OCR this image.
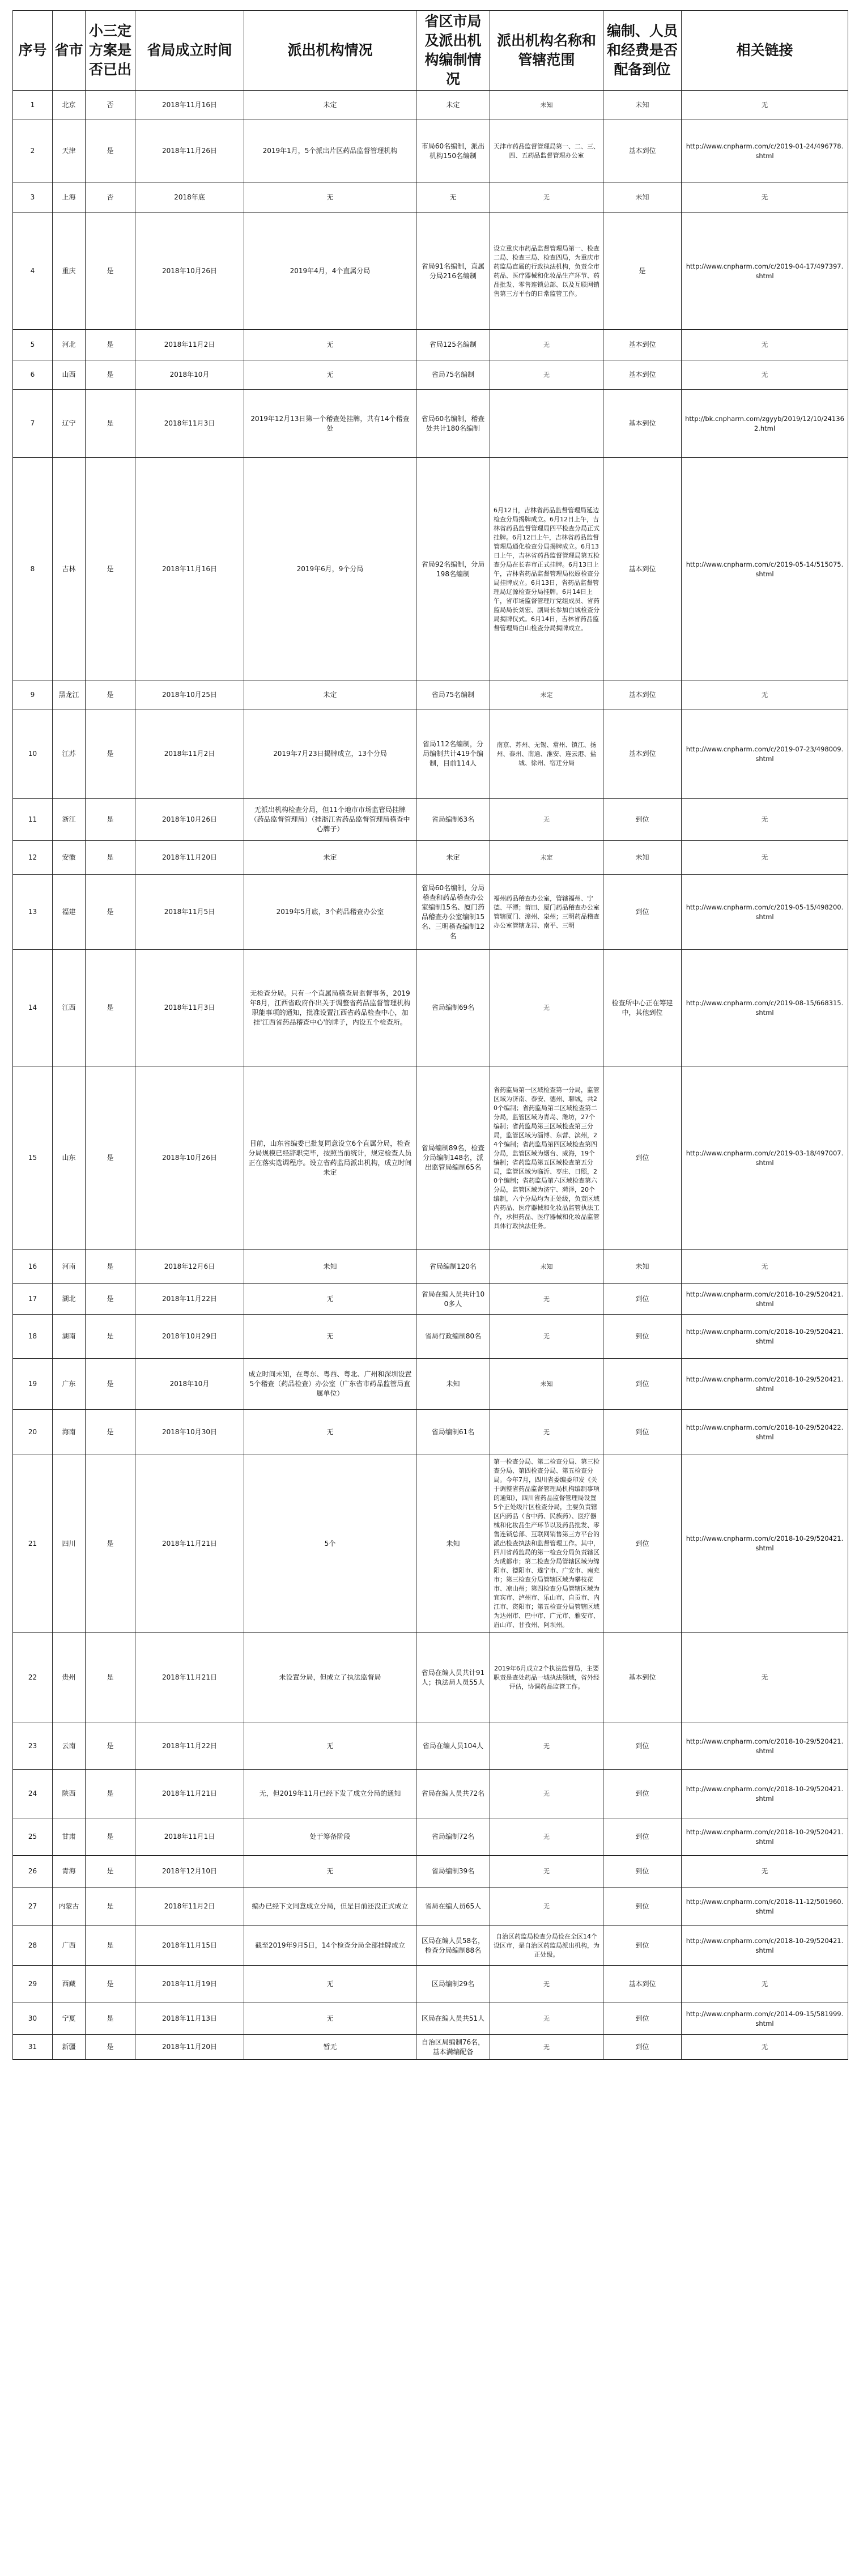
序号	省市	小三定方案是否已出	省局成立时间	派出机构情况	省区市局及派出机构编制情况	派出机构名称和管辖范围	编制、人员和经费是否配备到位	相关链接
1	北京	否	2018年11月16日	未定	未定	未知	未知	无
2	天津	是	2018年11月26日	2019年1月，5个派出片区药品监督管理机构	市局60名编制，派出机构150名编制	天津市药品监督管理局第一、二、三、四、五药品监督管理办公室	基本到位	http://www.cnpharm.com/c/2019-01-24/496778.shtml
3	上海	否	2018年底	无	无	无	未知	无
4	重庆	是	2018年10月26日	2019年4月，4个直属分局	省局91名编制，直属分局216名编制	设立重庆市药品监督管理局第一、检查二局、检查三局、检查四局，为重庆市药监局直属的行政执法机构，负责全市药品、医疗器械和化妆品生产环节、药品批发、零售连锁总部、以及互联网销售第三方平台的日常监管工作。	是	http://www.cnpharm.com/c/2019-04-17/497397.shtml
5	河北	是	2018年11月2日	无	省局125名编制	无	基本到位	无
6	山西	是	2018年10月	无	省局75名编制	无	基本到位	无
7	辽宁	是	2018年11月3日	2019年12月13日第一个稽查处挂牌，共有14个稽查处	省局60名编制，稽查处共计180名编制		基本到位	http://bk.cnpharm.com/zgyyb/2019/12/10/241362.html
8	吉林	是	2018年11月16日	2019年6月，9个分局	省局92名编制，分局198名编制	6月12日，吉林省药品监督管理局延边检查分局揭牌成立。6月12日上午，吉林省药品监督管理局四平检查分局正式挂牌。6月12日上午，吉林省药品监督管理局通化检查分局揭牌成立。6月13日上午，吉林省药品监督管理局第五检查分局在长春市正式挂牌。6月13日上午，吉林省药品监督管理局松原检查分局挂牌成立。6月13日，省药品监督管理局辽源检查分局挂牌。6月14日上午，省市场监督管理厅党组成员、省药监局局长刘宏、副局长参加白城检查分局揭牌仪式。6月14日，吉林省药品监督管理局白山检查分局揭牌成立。	基本到位	http://www.cnpharm.com/c/2019-05-14/515075.shtml
9	黑龙江	是	2018年10月25日	未定	省局75名编制	未定	基本到位	无
10	江苏	是	2018年11月2日	2019年7月23日揭牌成立，13个分局	省局112名编制，分局编制共计419个编制，目前114人	南京、苏州、无锡、常州、镇江、扬州、泰州、南通、淮安、连云港、盐城、徐州、宿迁分局	基本到位	http://www.cnpharm.com/c/2019-07-23/498009.shtml
11	浙江	是	2018年10月26日	无派出机构检查分局，但11个地市市场监管局挂牌（药品监督管理局）（挂浙江省药品监督管理局稽查中心牌子）	省局编制63名	无	到位	无
12	安徽	是	2018年11月20日	未定	未定	未定	未知	无
13	福建	是	2018年11月5日	2019年5月底，3个药品稽查办公室	省局60名编制，分局稽查和药品稽查办公室编制15名、厦门药品稽查办公室编制15名、三明稽查编制12名	福州药品稽查办公室，管辖福州、宁德、平潭；莆田、厦门药品稽查办公室管辖厦门、漳州、泉州；三明药品稽查办公室管辖龙岩、南平、三明	到位	http://www.cnpharm.com/c/2019-05-15/498200.shtml
14	江西	是	2018年11月3日	无检查分局。只有一个直属局稽查局监督事务，2019年8月，江西省政府作出关于调整省药品监督管理机构职能事项的通知，批准设置江西省药品检查中心，加挂'江西省药品稽查中心'的牌子，内设五个检查所。	省局编制69名	无	检查所中心正在筹建中，其他到位	http://www.cnpharm.com/c/2019-08-15/668315.shtml
15	山东	是	2018年10月26日	目前，山东省编委已批复同意设立6个直属分局，检查分局规模已经辞职完毕，按照当前统计，规定检查人员正在落实选调程序。设立省药监局派出机构，成立时间未定	省局编制89名，检查分局编制148名，派出监管局编制65名	省药监局第一区域检查第一分局，监管区域为济南、泰安、德州、聊城，共20个编制；省药监局第二区域检查第二分局，监管区域为青岛、潍坊，27个编制；省药监局第三区域检查第三分局，监管区域为淄博、东营、滨州，24个编制；省药监局第四区域检查第四分局，监管区域为烟台、威海，19个编制；省药监局第五区域检查第五分局，监管区域为临沂、枣庄、日照，20个编制；省药监局第六区域检查第六分局，监管区域为济宁、菏泽，20个编制，六个分局均为正处级，负责区域内药品、医疗器械和化妆品监管执法工作，承担药品、医疗器械和化妆品监管具体行政执法任务。	到位	http://www.cnpharm.com/c/2019-03-18/497007.shtml
16	河南	是	2018年12月6日	未知	省局编制120名	未知	未知	无
17	湖北	是	2018年11月22日	无	省局在编人员共计100多人	无	到位	http://www.cnpharm.com/c/2018-10-29/520421.shtml
18	湖南	是	2018年10月29日	无	省局行政编制80名	无	到位	http://www.cnpharm.com/c/2018-10-29/520421.shtml
19	广东	是	2018年10月	成立时间未知，在粤东、粤西、粤北、广州和深圳设置5个稽查（药品检查）办公室（广东省市药品监管局直属单位）	未知	未知	到位	http://www.cnpharm.com/c/2018-10-29/520421.shtml
20	海南	是	2018年10月30日	无	省局编制61名	无	到位	http://www.cnpharm.com/c/2018-10-29/520422.shtml
21	四川	是	2018年11月21日	5个	未知	第一检查分局、第二检查分局、第三检查分局、第四检查分局、第五检查分局。今年7月，四川省委编委印发《关于调整省药品监督管理局机构编制事项的通知》，四川省药品监督管理局设置5个正处级片区检查分局，主要负责辖区内药品（含中药、民族药）、医疗器械和化妆品生产环节以及药品批发、零售连锁总部、互联网销售第三方平台的派出检查执法和监督管理工作。其中，四川省药监局的第一检查分局负责辖区为成都市；第二检查分局管辖区域为绵阳市、德阳市、遂宁市、广安市、南充市；第三检查分局管辖区域为攀枝花市、凉山州；第四检查分局管辖区域为宜宾市、泸州市、乐山市、自贡市、内江市、资阳市；第五检查分局管辖区域为达州市、巴中市、广元市、雅安市、眉山市、甘孜州、阿坝州。	到位	http://www.cnpharm.com/c/2018-10-29/520421.shtml
22	贵州	是	2018年11月21日	未设置分局，但成立了执法监督局	省局在编人员共计91人；执法局人员55人	2019年6月成立2个执法监督局，主要职责是查处药品一城执法领域，省外经评估，协调药品监管工作。	基本到位	无
23	云南	是	2018年11月22日	无	省局在编人员104人	无	到位	http://www.cnpharm.com/c/2018-10-29/520421.shtml
24	陕西	是	2018年11月21日	无，但2019年11月已经下发了成立分局的通知	省局在编人员共72名	无	到位	http://www.cnpharm.com/c/2018-10-29/520421.shtml
25	甘肃	是	2018年11月1日	处于筹备阶段	省局编制72名	无	到位	http://www.cnpharm.com/c/2018-10-29/520421.shtml
26	青海	是	2018年12月10日	无	省局编制39名	无	到位	无
27	内蒙古	是	2018年11月2日	编办已经下文同意成立分局，但是目前还没正式成立	省局在编人员65人	无	到位	http://www.cnpharm.com/c/2018-11-12/501960.shtml
28	广西	是	2018年11月15日	截至2019年9月5日，14个检查分局全部挂牌成立	区局在编人员58名，检查分局编制88名	自治区药监局检查分局设在全区14个设区市，是自治区药监局派出机构，为正处级。	到位	http://www.cnpharm.com/c/2018-10-29/520421.shtml
29	西藏	是	2018年11月19日	无	区局编制29名	无	基本到位	无
30	宁夏	是	2018年11月13日	无	区局在编人员共51人	无	到位	http://www.cnpharm.com/c/2014-09-15/581999.shtml
31	新疆	是	2018年11月20日	暂无	自治区局编制76名，基本满编配备	无	到位	无
